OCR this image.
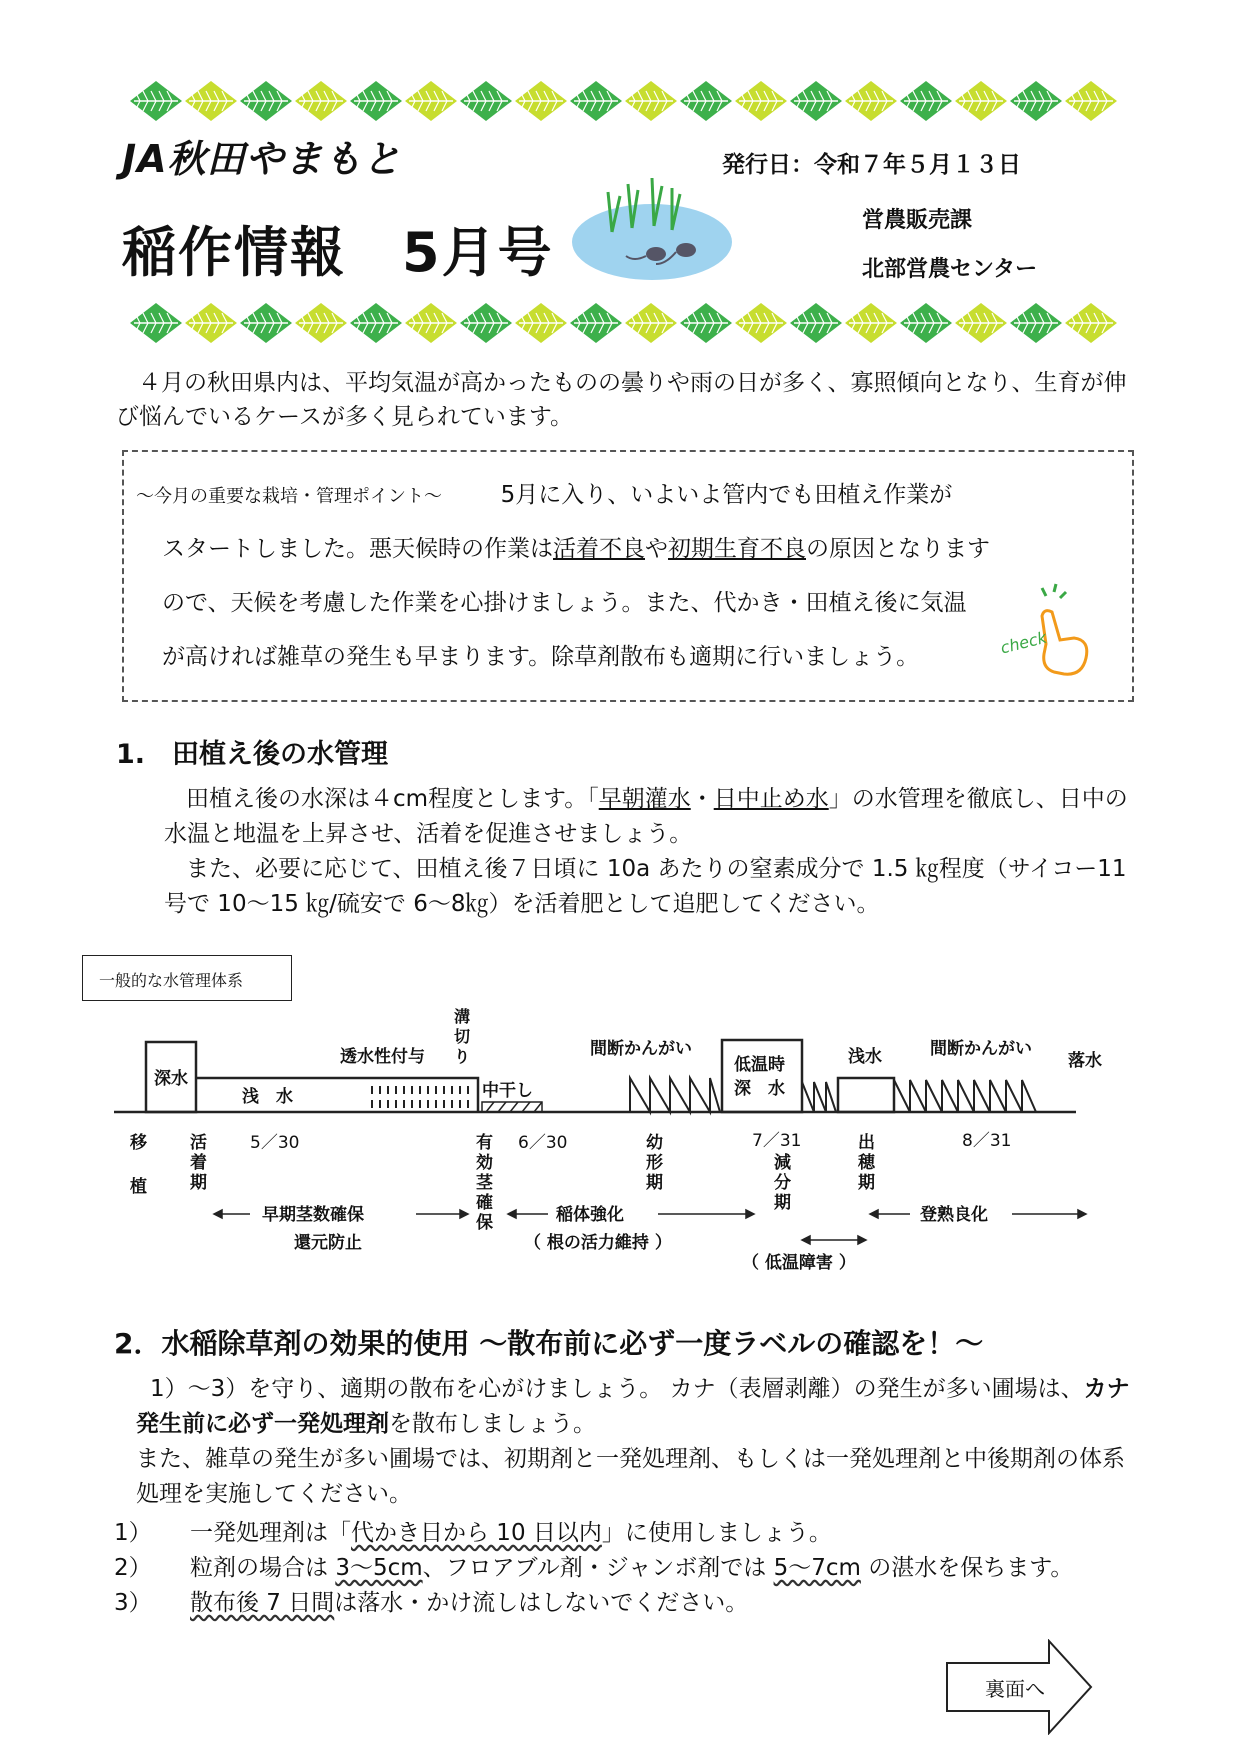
JA秋田やまもと
稲作情報　5月号
発行日：令和７年５月１３日
営農販売課
北部営農センター
４月の秋田県内は、平均気温が高かったものの曇りや雨の日が多く、寡照傾向となり、生育が伸び悩んでいるケースが多く見られています。
～今月の重要な栽培・管理ポイント～	5月に入り、いよいよ管内でも田植え作業が
スタートしました。悪天候時の作業は活着不良や初期生育不良の原因となります
ので、天候を考慮した作業を心掛けましょう。また、代かき・田植え後に気温
が高ければ雑草の発生も早まります。除草剤散布も適期に行いましょう。	check
1.　田植え後の水管理
田植え後の水深は４cm程度とします。「早朝灌水・日中止め水」の水管理を徹底し、日中の水温と地温を上昇させ、活着を促進させましょう。
また、必要に応じて、田植え後７日頃に 10a あたりの窒素成分で 1.5 ㎏程度（サイコー11 号で 10～15 ㎏/硫安で 6～8㎏）を活着肥として追肥してください。
一般的な水管理体系
深水
浅　水
透水性付与
溝
切
り
中干し
間断かんがい
低温時
深　水
浅水	間断かんがい
落水
移
植
活
着
期
5／30	有
効
茎
確
保
6／30	幼
形
期
7／31
減
分
期
出
穂
期
8／31
早期茎数確保
還元防止
稲体強化
（ 根の活力維持 ）
（ 低温障害 ）
登熟良化
2．水稲除草剤の効果的使用 ～散布前に必ず一度ラベルの確認を！～
1）～3）を守り、適期の散布を心がけましょう。 カナ（表層剥離）の発生が多い圃場は、カナ発生前に必ず一発処理剤を散布しましょう。
また、雑草の発生が多い圃場では、初期剤と一発処理剤、もしくは一発処理剤と中後期剤の体系処理を実施してください。
1） 一発処理剤は「代かき日から 10 日以内」に使用しましょう。
2） 粒剤の場合は 3～5cm、フロアブル剤・ジャンボ剤では 5～7cm の湛水を保ちます。
3） 散布後 7 日間は落水・かけ流しはしないでください。
裏面へ
